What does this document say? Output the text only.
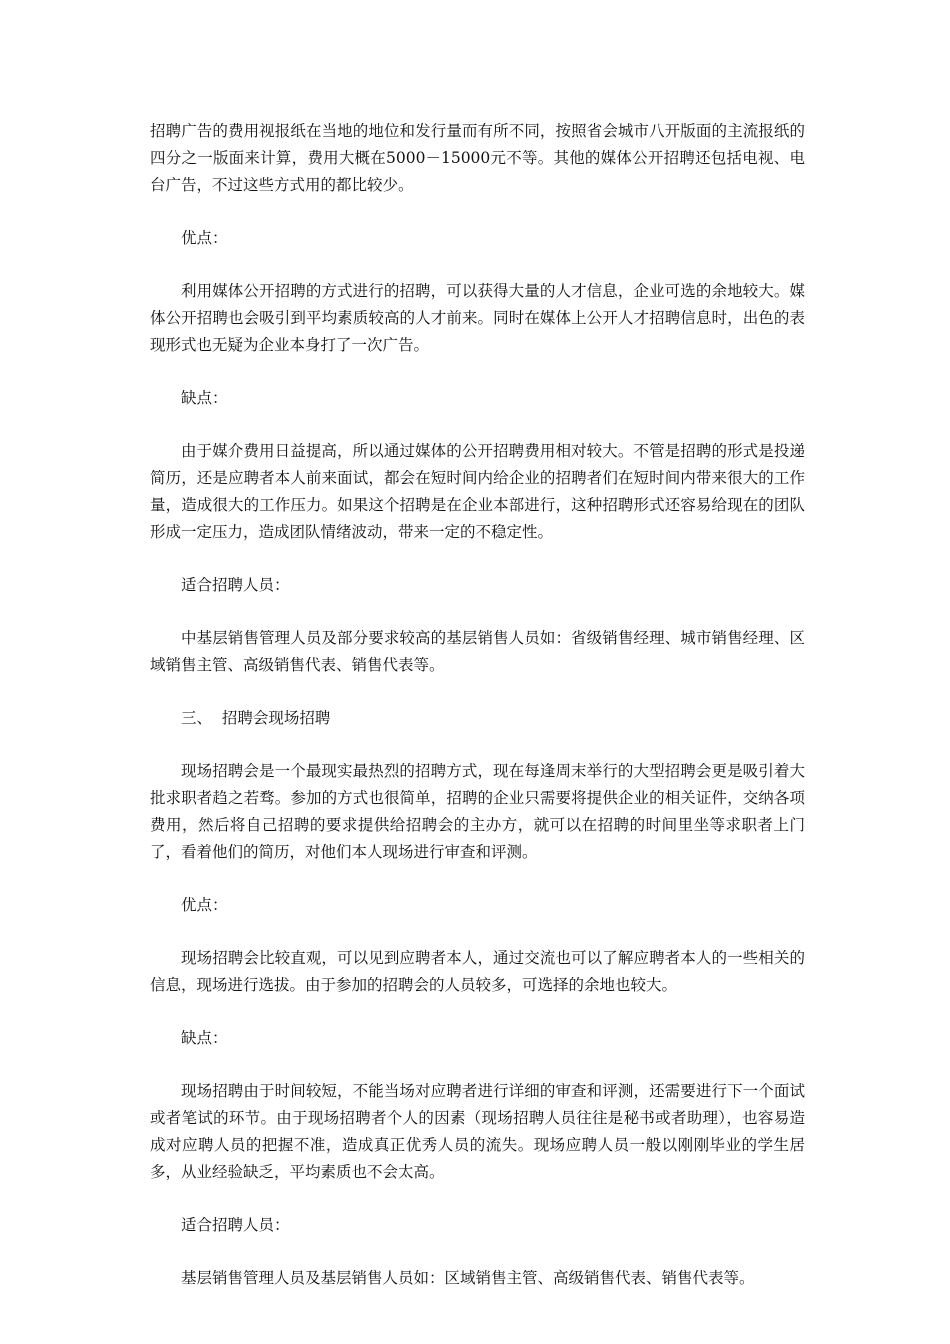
招聘广告的费用视报纸在当地的地位和发行量而有所不同，按照省会城市八开版面的主流报纸的四分之一版面来计算，费用大概在5000－15000元不等。其他的媒体公开招聘还包括电视、电台广告，不过这些方式用的都比较少。

优点：

利用媒体公开招聘的方式进行的招聘，可以获得大量的人才信息，企业可选的余地较大。媒体公开招聘也会吸引到平均素质较高的人才前来。同时在媒体上公开人才招聘信息时，出色的表现形式也无疑为企业本身打了一次广告。

缺点：

由于媒介费用日益提高，所以通过媒体的公开招聘费用相对较大。不管是招聘的形式是投递简历，还是应聘者本人前来面试，都会在短时间内给企业的招聘者们在短时间内带来很大的工作量，造成很大的工作压力。如果这个招聘是在企业本部进行，这种招聘形式还容易给现在的团队形成一定压力，造成团队情绪波动，带来一定的不稳定性。

适合招聘人员：

中基层销售管理人员及部分要求较高的基层销售人员如：省级销售经理、城市销售经理、区域销售主管、高级销售代表、销售代表等。

三、  招聘会现场招聘

现场招聘会是一个最现实最热烈的招聘方式，现在每逢周末举行的大型招聘会更是吸引着大批求职者趋之若骛。参加的方式也很简单，招聘的企业只需要将提供企业的相关证件，交纳各项费用，然后将自己招聘的要求提供给招聘会的主办方，就可以在招聘的时间里坐等求职者上门了，看着他们的简历，对他们本人现场进行审查和评测。

优点：

现场招聘会比较直观，可以见到应聘者本人，通过交流也可以了解应聘者本人的一些相关的信息，现场进行选拔。由于参加的招聘会的人员较多，可选择的余地也较大。

缺点：

现场招聘由于时间较短，不能当场对应聘者进行详细的审查和评测，还需要进行下一个面试或者笔试的环节。由于现场招聘者个人的因素（现场招聘人员往往是秘书或者助理），也容易造成对应聘人员的把握不准，造成真正优秀人员的流失。现场应聘人员一般以刚刚毕业的学生居多，从业经验缺乏，平均素质也不会太高。

适合招聘人员：

基层销售管理人员及基层销售人员如：区域销售主管、高级销售代表、销售代表等。
